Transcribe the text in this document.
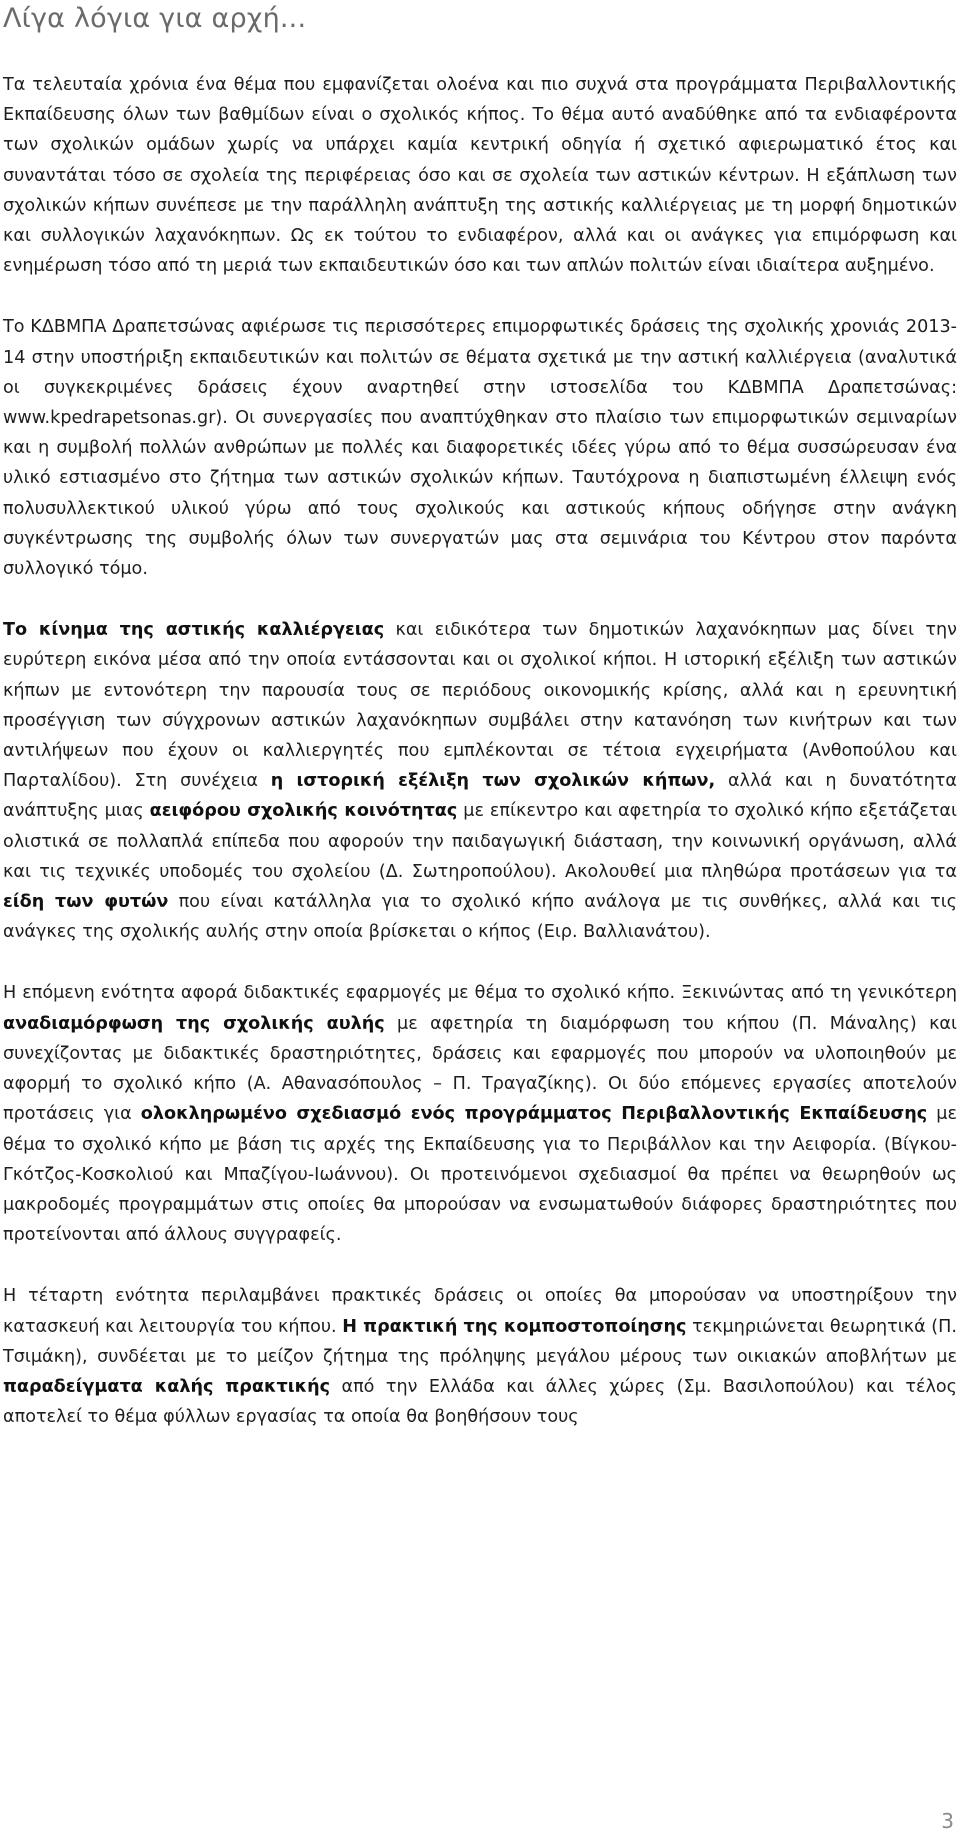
Λίγα λόγια για αρχή...

Τα τελευταία χρόνια ένα θέμα που εμφανίζεται ολοένα και πιο συχνά στα προγράμματα Περιβαλλοντικής Εκπαίδευσης όλων των βαθμίδων είναι ο σχολικός κήπος. Το θέμα αυτό αναδύθηκε από τα ενδιαφέροντα των σχολικών ομάδων χωρίς να υπάρχει καμία κεντρική οδηγία ή σχετικό αφιερωματικό έτος και συναντάται τόσο σε σχολεία της περιφέρειας όσο και σε σχολεία των αστικών κέντρων. Η εξάπλωση των σχολικών κήπων συνέπεσε με την παράλληλη ανάπτυξη της αστικής καλλιέργειας με τη μορφή δημοτικών και συλλογικών λαχανόκηπων. Ως εκ τούτου το ενδιαφέρον, αλλά και οι ανάγκες για επιμόρφωση και ενημέρωση τόσο από τη μεριά των εκπαιδευτικών όσο και των απλών πολιτών είναι ιδιαίτερα αυξημένο.

Το ΚΔΒΜΠΑ Δραπετσώνας αφιέρωσε τις περισσότερες επιμορφωτικές δράσεις της σχολικής χρονιάς 2013-14 στην υποστήριξη εκπαιδευτικών και πολιτών σε θέματα σχετικά με την αστική καλλιέργεια (αναλυτικά οι συγκεκριμένες δράσεις έχουν αναρτηθεί στην ιστοσελίδα του ΚΔΒΜΠΑ Δραπετσώνας: www.kpedrapetsonas.gr). Οι συνεργασίες που αναπτύχθηκαν στο πλαίσιο των επιμορφωτικών σεμιναρίων και η συμβολή πολλών ανθρώπων με πολλές και διαφορετικές ιδέες γύρω από το θέμα συσσώρευσαν ένα υλικό εστιασμένο στο ζήτημα των αστικών σχολικών κήπων. Ταυτόχρονα η διαπιστωμένη έλλειψη ενός πολυσυλλεκτικού υλικού γύρω από τους σχολικούς και αστικούς κήπους οδήγησε στην ανάγκη συγκέντρωσης της συμβολής όλων των συνεργατών μας στα σεμινάρια του Κέντρου στον παρόντα συλλογικό τόμο.

Το κίνημα της αστικής καλλιέργειας και ειδικότερα των δημοτικών λαχανόκηπων μας δίνει την ευρύτερη εικόνα μέσα από την οποία εντάσσονται και οι σχολικοί κήποι. Η ιστορική εξέλιξη των αστικών κήπων με εντονότερη την παρουσία τους σε περιόδους οικονομικής κρίσης, αλλά και η ερευνητική προσέγγιση των σύγχρονων αστικών λαχανόκηπων συμβάλει στην κατανόηση των κινήτρων και των αντιλήψεων που έχουν οι καλλιεργητές που εμπλέκονται σε τέτοια εγχειρήματα (Ανθοπούλου και Παρταλίδου). Στη συνέχεια η ιστορική εξέλιξη των σχολικών κήπων, αλλά και η δυνατότητα ανάπτυξης μιας αειφόρου σχολικής κοινότητας με επίκεντρο και αφετηρία το σχολικό κήπο εξετάζεται ολιστικά σε πολλαπλά επίπεδα που αφορούν την παιδαγωγική διάσταση, την κοινωνική οργάνωση, αλλά και τις τεχνικές υποδομές του σχολείου (Δ. Σωτηροπούλου). Ακολουθεί μια πληθώρα προτάσεων για τα είδη των φυτών που είναι κατάλληλα για το σχολικό κήπο ανάλογα με τις συνθήκες, αλλά και τις ανάγκες της σχολικής αυλής στην οποία βρίσκεται ο κήπος (Ειρ. Βαλλιανάτου).

Η επόμενη ενότητα αφορά διδακτικές εφαρμογές με θέμα το σχολικό κήπο. Ξεκινώντας από τη γενικότερη αναδιαμόρφωση της σχολικής αυλής με αφετηρία τη διαμόρφωση του κήπου (Π. Μάναλης) και συνεχίζοντας με διδακτικές δραστηριότητες, δράσεις και εφαρμογές που μπορούν να υλοποιηθούν με αφορμή το σχολικό κήπο (Α. Αθανασόπουλος – Π. Τραγαζίκης). Οι δύο επόμενες εργασίες αποτελούν προτάσεις για ολοκληρωμένο σχεδιασμό ενός προγράμματος Περιβαλλοντικής Εκπαίδευσης με θέμα το σχολικό κήπο με βάση τις αρχές της Εκπαίδευσης για το Περιβάλλον και την Αειφορία. (Βίγκου-Γκότζος-Κοσκολιού και Μπαζίγου-Ιωάννου). Οι προτεινόμενοι σχεδιασμοί θα πρέπει να θεωρηθούν ως μακροδομές προγραμμάτων στις οποίες θα μπορούσαν να ενσωματωθούν διάφορες δραστηριότητες που προτείνονται από άλλους συγγραφείς.

Η τέταρτη ενότητα περιλαμβάνει πρακτικές δράσεις οι οποίες θα μπορούσαν να υποστηρίξουν την κατασκευή και λειτουργία του κήπου. Η πρακτική της κομποστοποίησης τεκμηριώνεται θεωρητικά (Π. Τσιμάκη), συνδέεται με το μείζον ζήτημα της πρόληψης μεγάλου μέρους των οικιακών αποβλήτων με παραδείγματα καλής πρακτικής από την Ελλάδα και άλλες χώρες (Σμ. Βασιλοπούλου) και τέλος αποτελεί το θέμα φύλλων εργασίας τα οποία θα βοηθήσουν τους

3
